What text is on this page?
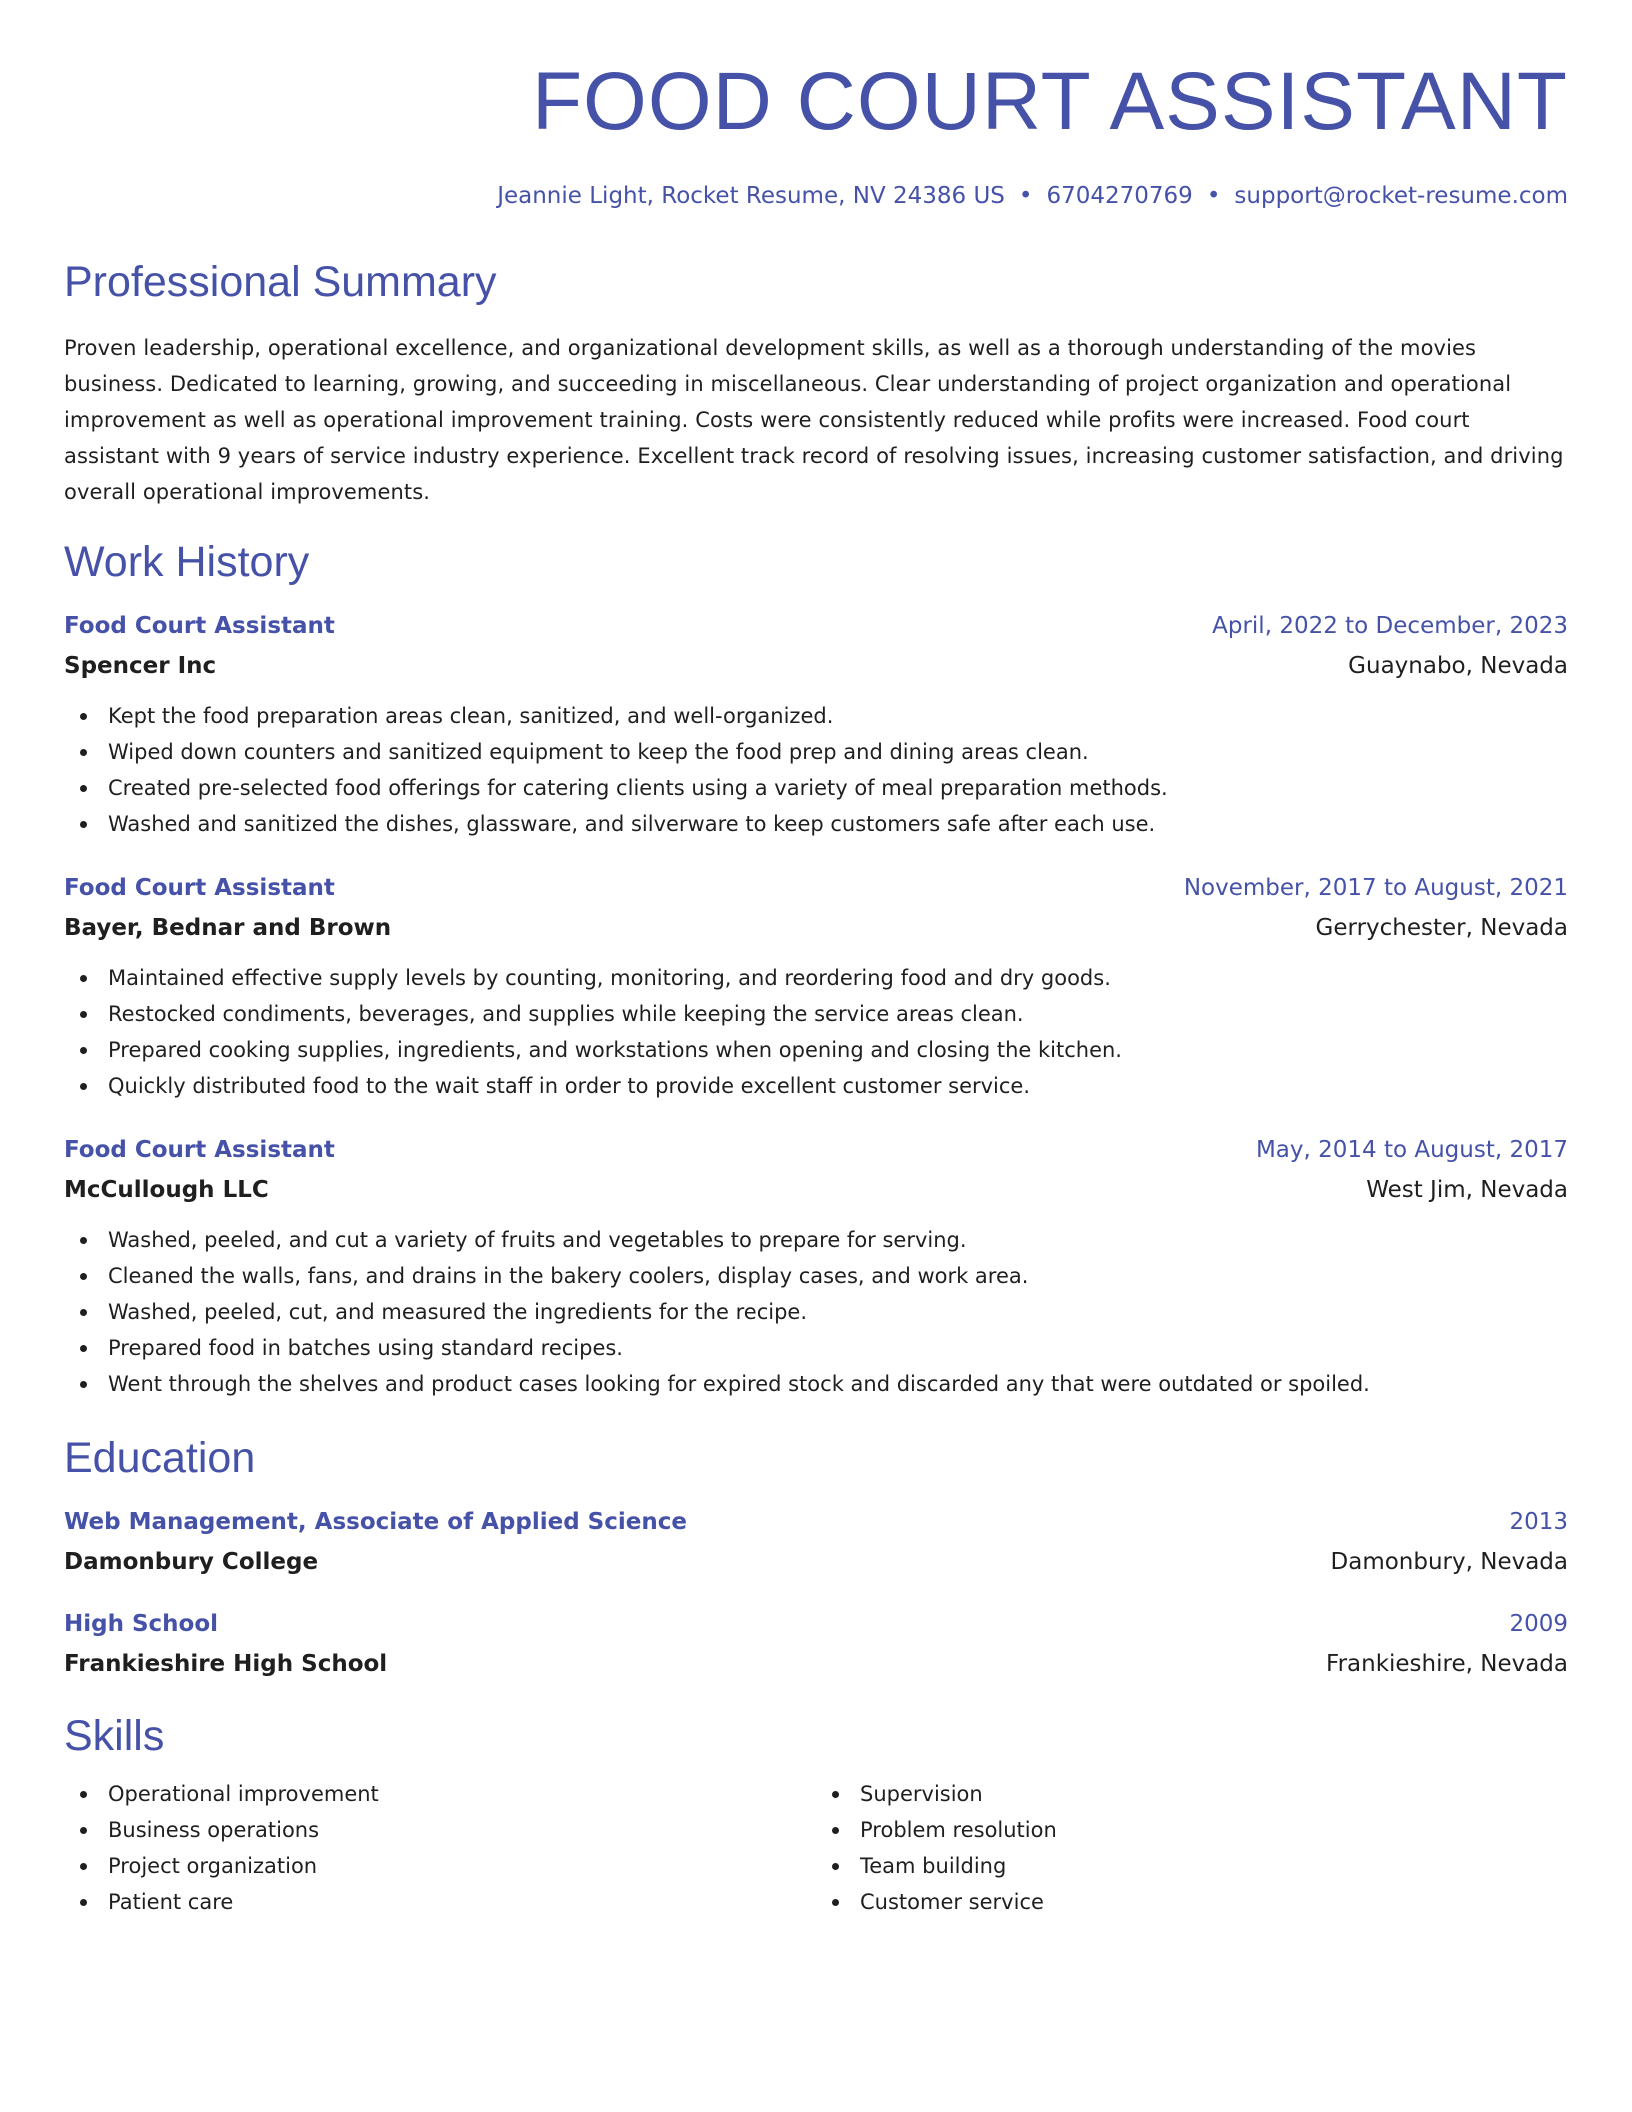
FOOD COURT ASSISTANT
Jeannie Light, Rocket Resume, NV 24386 US • 6704270769 • support@rocket-resume.com
Professional Summary
Proven leadership, operational excellence, and organizational development skills, as well as a thorough understanding of the movies business. Dedicated to learning, growing, and succeeding in miscellaneous. Clear understanding of project organization and operational improvement as well as operational improvement training. Costs were consistently reduced while profits were increased. Food court assistant with 9 years of service industry experience. Excellent track record of resolving issues, increasing customer satisfaction, and driving overall operational improvements.
Work History
Food Court Assistant	April, 2022 to December, 2023
Spencer Inc	Guaynabo, Nevada
Kept the food preparation areas clean, sanitized, and well-organized.
Wiped down counters and sanitized equipment to keep the food prep and dining areas clean.
Created pre-selected food offerings for catering clients using a variety of meal preparation methods.
Washed and sanitized the dishes, glassware, and silverware to keep customers safe after each use.
Food Court Assistant	November, 2017 to August, 2021
Bayer, Bednar and Brown	Gerrychester, Nevada
Maintained effective supply levels by counting, monitoring, and reordering food and dry goods.
Restocked condiments, beverages, and supplies while keeping the service areas clean.
Prepared cooking supplies, ingredients, and workstations when opening and closing the kitchen.
Quickly distributed food to the wait staff in order to provide excellent customer service.
Food Court Assistant	May, 2014 to August, 2017
McCullough LLC	West Jim, Nevada
Washed, peeled, and cut a variety of fruits and vegetables to prepare for serving.
Cleaned the walls, fans, and drains in the bakery coolers, display cases, and work area.
Washed, peeled, cut, and measured the ingredients for the recipe.
Prepared food in batches using standard recipes.
Went through the shelves and product cases looking for expired stock and discarded any that were outdated or spoiled.
Education
Web Management, Associate of Applied Science	2013
Damonbury College	Damonbury, Nevada
High School	2009
Frankieshire High School	Frankieshire, Nevada
Skills
Operational improvement
Business operations
Project organization
Patient care
Supervision
Problem resolution
Team building
Customer service
